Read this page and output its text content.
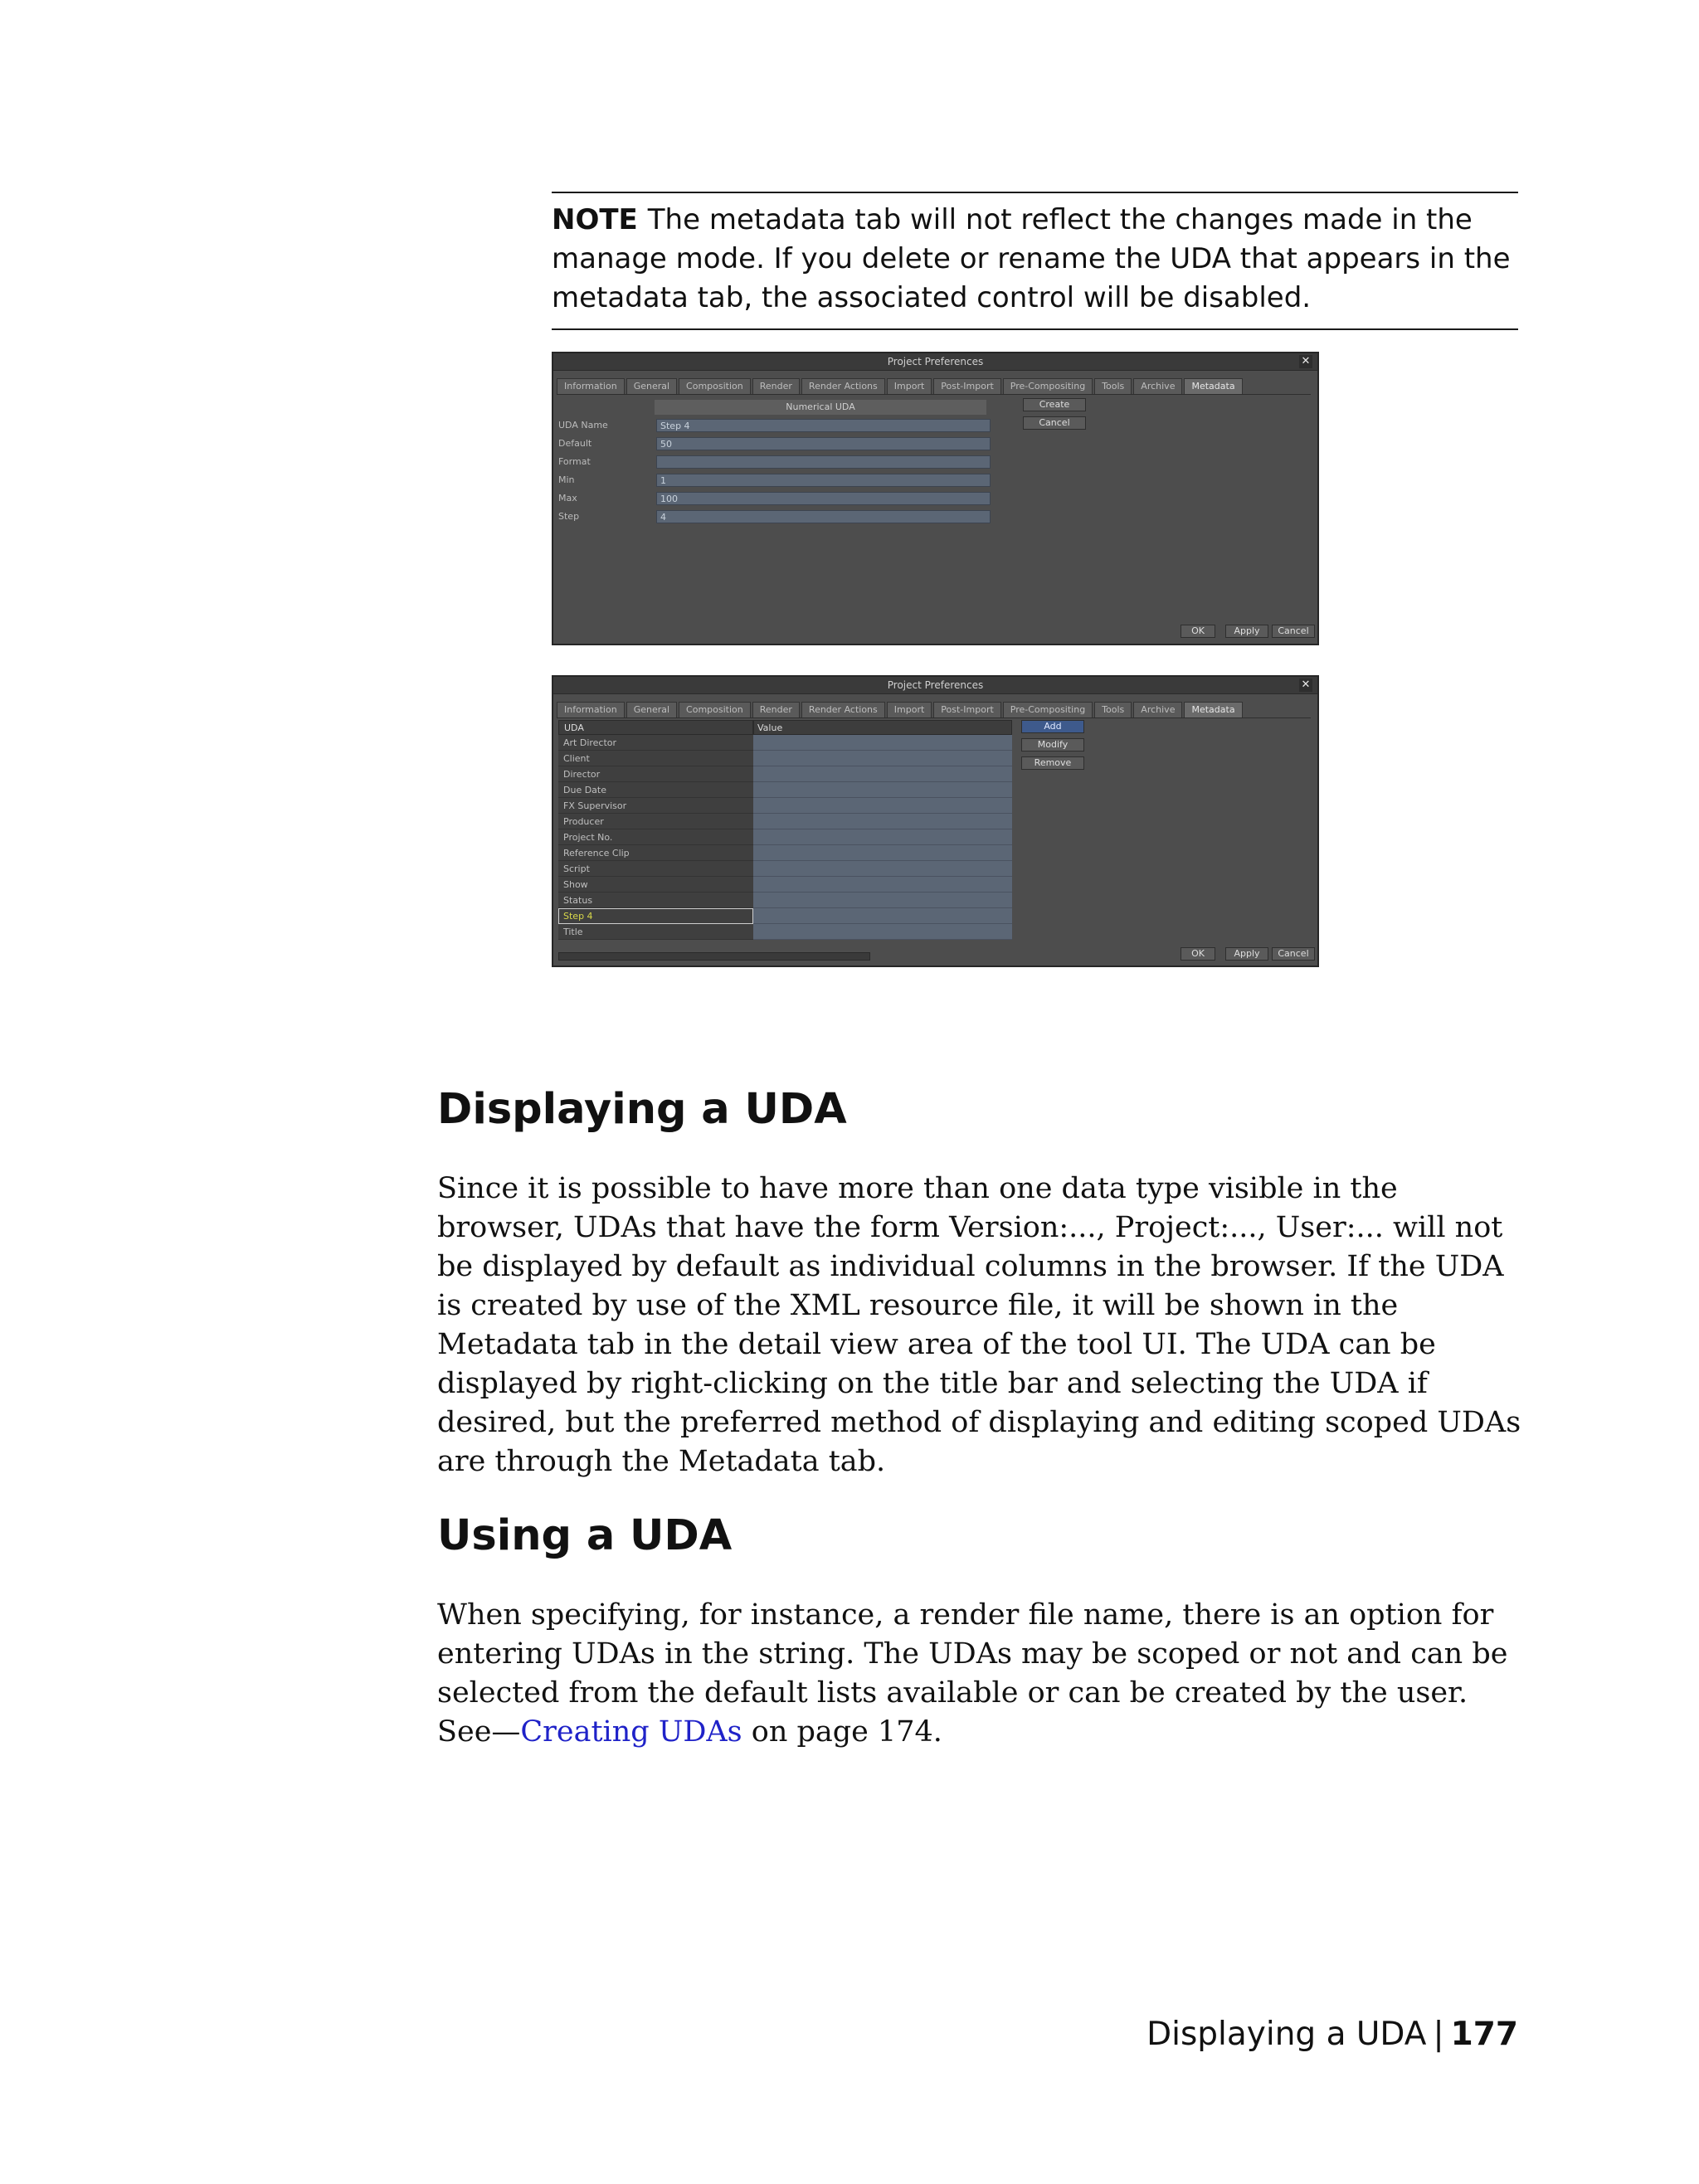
NOTE The metadata tab will not reflect the changes made in the manage mode. If you delete or rename the UDA that appears in the metadata tab, the associated control will be disabled.
Project Preferences	✕
Information	General	Composition	Render	Render Actions	Import	Post-Import	Pre-Compositing	Tools	Archive	Metadata
Numerical UDA
UDA Name	Step 4
Default	50
Format
Min	1
Max	100
Step	4
Create
Cancel
OK	Apply	Cancel
Project Preferences	✕
Information	General	Composition	Render	Render Actions	Import	Post-Import	Pre-Compositing	Tools	Archive	Metadata
UDA	Value
Art Director
Client
Director
Due Date
FX Supervisor
Producer
Project No.
Reference Clip
Script
Show
Status
Step 4
Title
Add
Modify
Remove
OK	Apply	Cancel
Displaying a UDA

Since it is possible to have more than one data type visible in the browser, UDAs that have the form Version:..., Project:..., User:... will not be displayed by default as individual columns in the browser. If the UDA is created by use of the XML resource file, it will be shown in the Metadata tab in the detail view area of the tool UI. The UDA can be displayed by right-clicking on the title bar and selecting the UDA if desired, but the preferred method of displaying and editing scoped UDAs are through the Metadata tab.

Using a UDA

When specifying, for instance, a render file name, there is an option for entering UDAs in the string. The UDAs may be scoped or not and can be selected from the default lists available or can be created by the user.
See—Creating UDAs on page 174.

Displaying a UDA | 177
